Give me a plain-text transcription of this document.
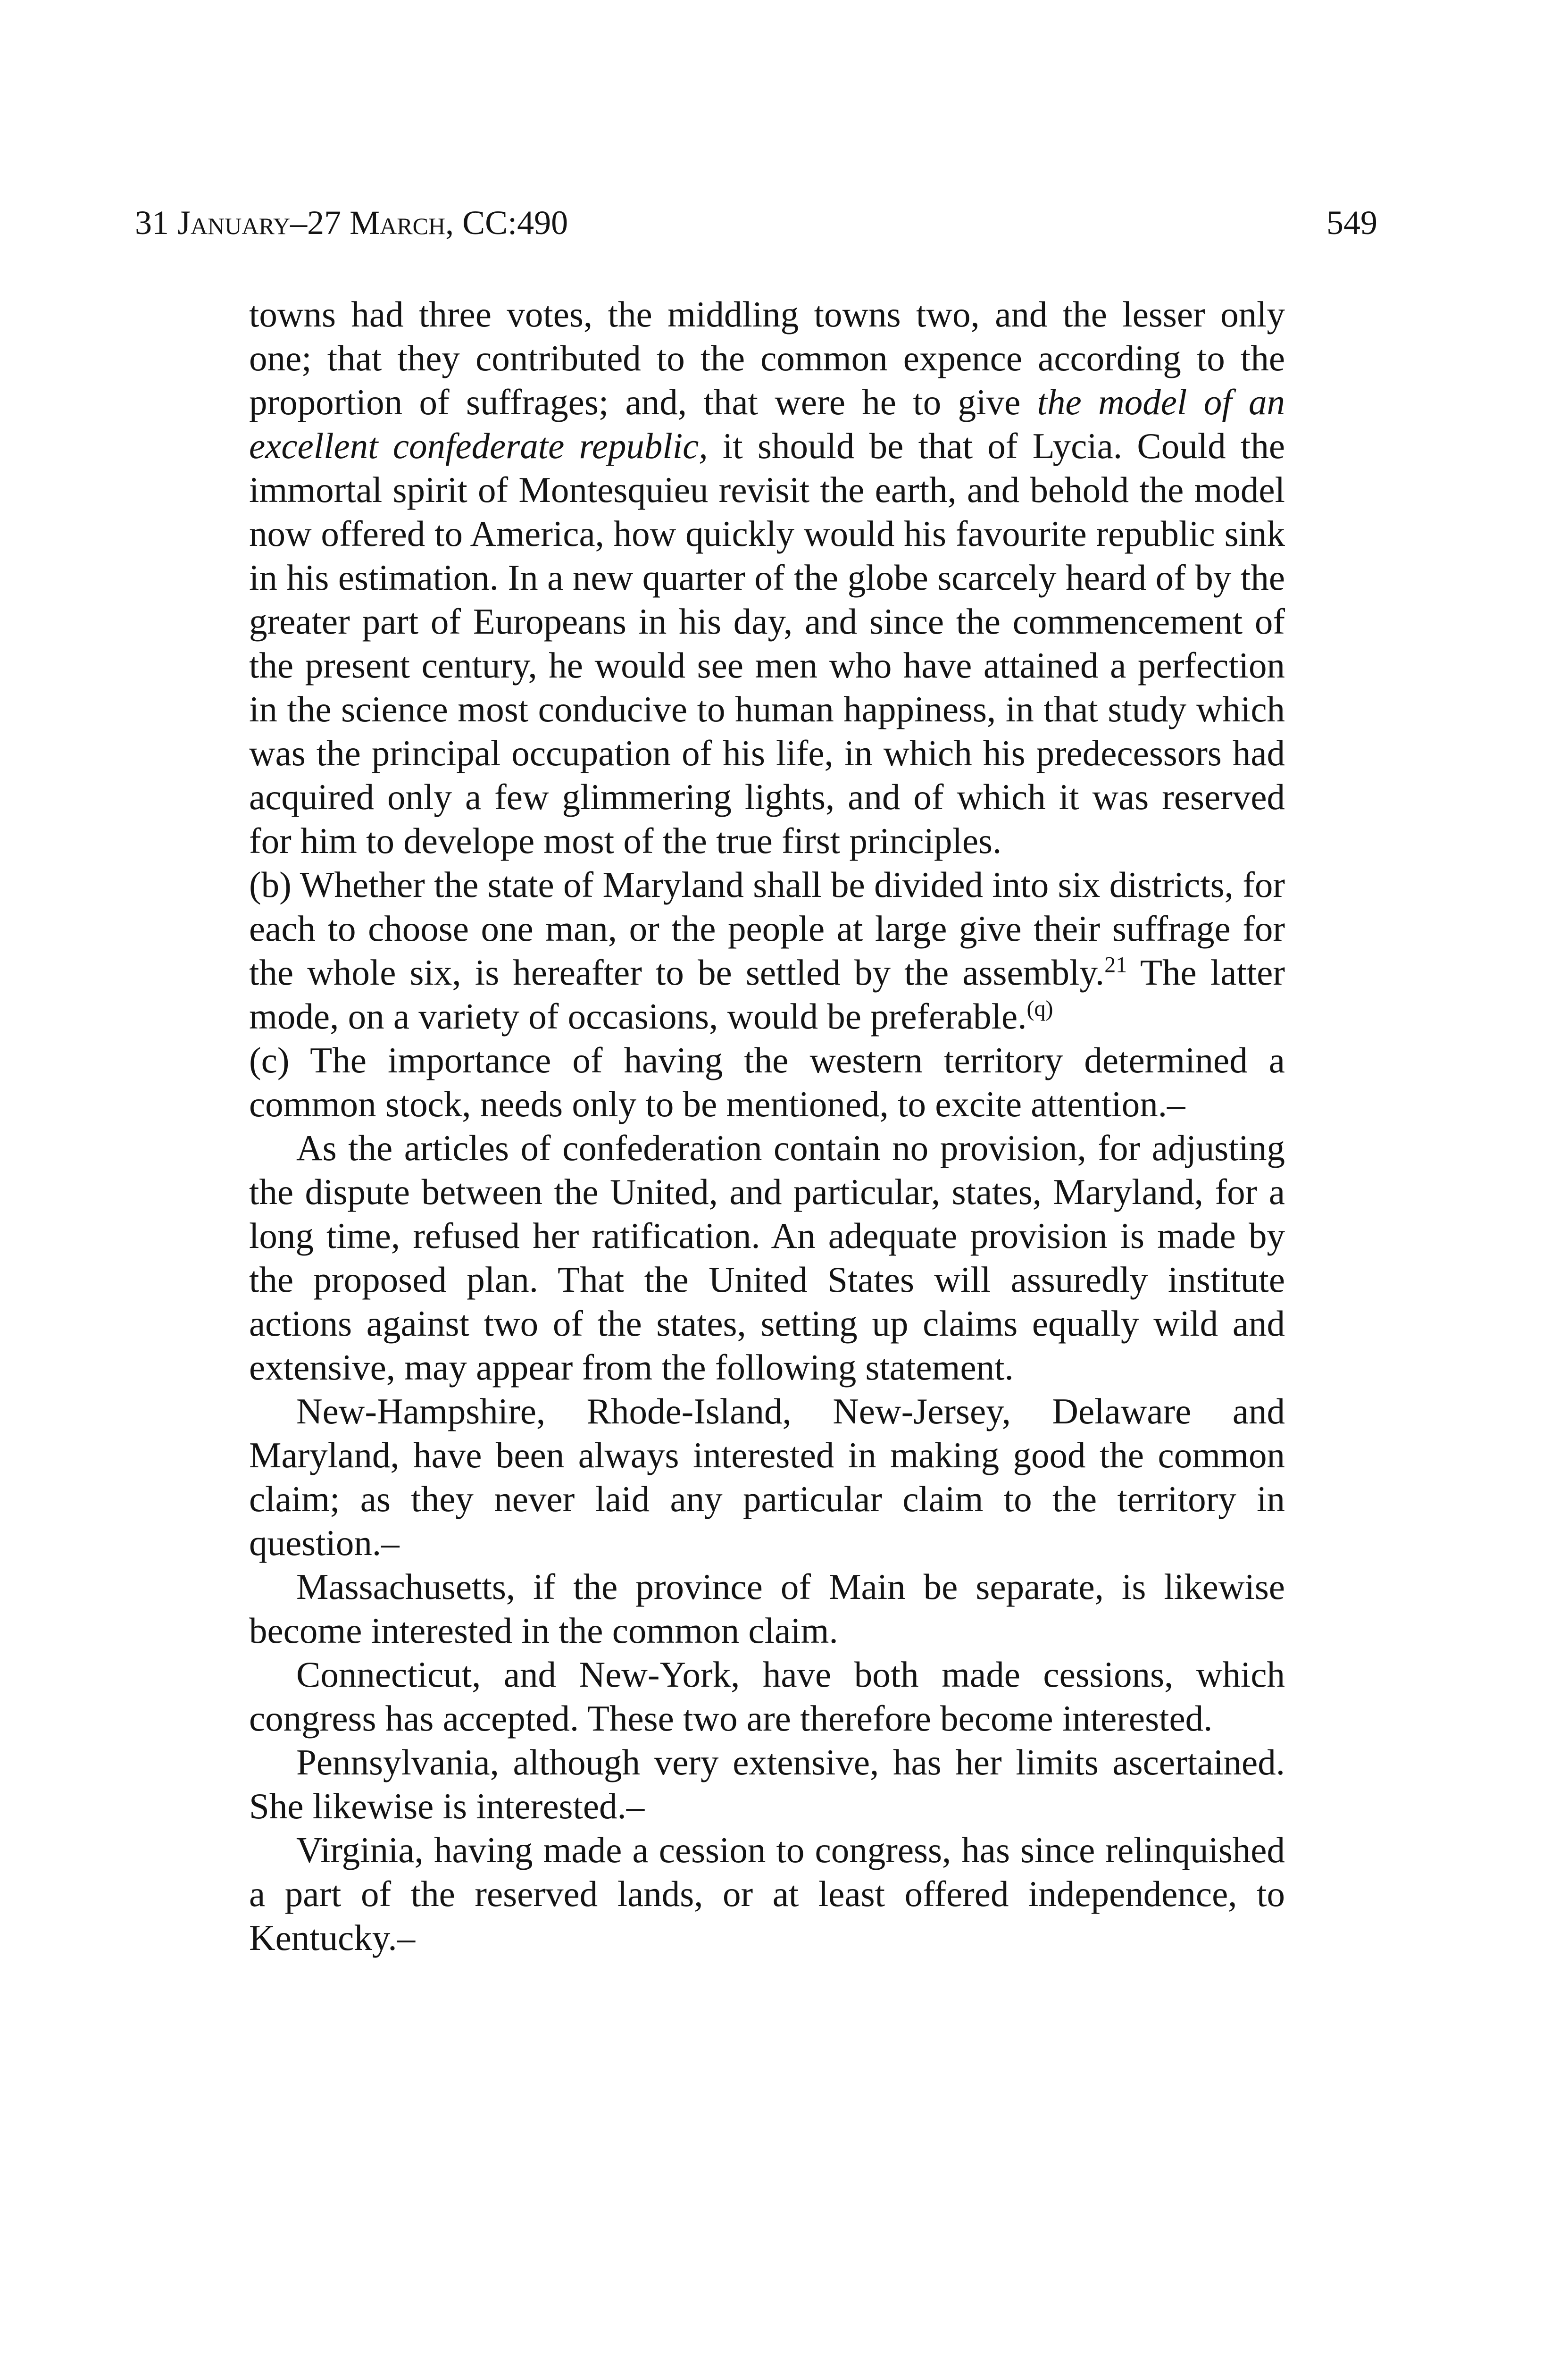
31 January–27 March, CC:490	549

towns had three votes, the middling towns two, and the lesser only one; that they contributed to the common expence according to the proportion of suffrages; and, that were he to give the model of an excellent confederate republic, it should be that of Lycia. Could the immortal spirit of Montesquieu revisit the earth, and behold the model now offered to America, how quickly would his favourite republic sink in his estimation. In a new quarter of the globe scarcely heard of by the greater part of Europeans in his day, and since the commencement of the present century, he would see men who have attained a perfection in the science most conducive to human happiness, in that study which was the principal occupation of his life, in which his predecessors had acquired only a few glimmering lights, and of which it was reserved for him to develope most of the true first principles.

(b) Whether the state of Maryland shall be divided into six districts, for each to choose one man, or the people at large give their suffrage for the whole six, is hereafter to be settled by the assembly.$^{21}$ The latter mode, on a variety of occasions, would be preferable.$^{(q)}$

(c) The importance of having the western territory determined a common stock, needs only to be mentioned, to excite attention.–

As the articles of confederation contain no provision, for adjusting the dispute between the United, and particular, states, Maryland, for a long time, refused her ratification. An adequate provision is made by the proposed plan. That the United States will assuredly institute actions against two of the states, setting up claims equally wild and extensive, may appear from the following statement.

New-Hampshire, Rhode-Island, New-Jersey, Delaware and Maryland, have been always interested in making good the common claim; as they never laid any particular claim to the territory in question.–

Massachusetts, if the province of Main be separate, is likewise become interested in the common claim.

Connecticut, and New-York, have both made cessions, which congress has accepted. These two are therefore become interested.

Pennsylvania, although very extensive, has her limits ascertained. She likewise is interested.–

Virginia, having made a cession to congress, has since relinquished a part of the reserved lands, or at least offered independence, to Kentucky.–
